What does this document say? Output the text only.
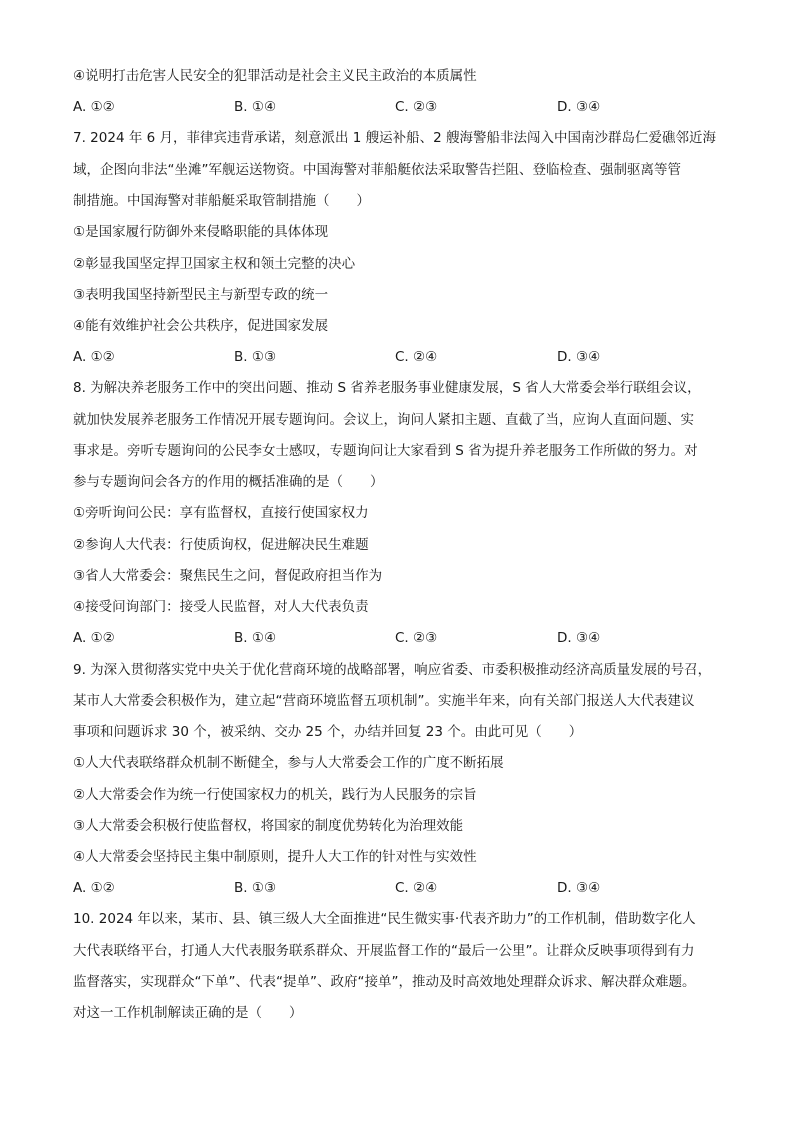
④说明打击危害人民安全的犯罪活动是社会主义民主政治的本质属性
A. ①②	B. ①④	C. ②③	D. ③④
7. 2024 年 6 月，菲律宾违背承诺，刻意派出 1 艘运补船、2 艘海警船非法闯入中国南沙群岛仁爱礁邻近海
域，企图向非法“坐滩”军舰运送物资。中国海警对菲船艇依法采取警告拦阻、登临检查、强制驱离等管
制措施。中国海警对菲船艇采取管制措施（　　）
①是国家履行防御外来侵略职能的具体体现
②彰显我国坚定捍卫国家主权和领土完整的决心
③表明我国坚持新型民主与新型专政的统一
④能有效维护社会公共秩序，促进国家发展
A. ①②	B. ①③	C. ②④	D. ③④
8. 为解决养老服务工作中的突出问题、推动 S 省养老服务事业健康发展，S 省人大常委会举行联组会议，
就加快发展养老服务工作情况开展专题询问。会议上，询问人紧扣主题、直截了当，应询人直面问题、实
事求是。旁听专题询问的公民李女士感叹，专题询问让大家看到 S 省为提升养老服务工作所做的努力。对
参与专题询问会各方的作用的概括准确的是（　　）
①旁听询问公民：享有监督权，直接行使国家权力
②参询人大代表：行使质询权，促进解决民生难题
③省人大常委会：聚焦民生之问，督促政府担当作为
④接受问询部门：接受人民监督，对人大代表负责
A. ①②	B. ①④	C. ②③	D. ③④
9. 为深入贯彻落实党中央关于优化营商环境的战略部署，响应省委、市委积极推动经济高质量发展的号召，
某市人大常委会积极作为，建立起“营商环境监督五项机制”。实施半年来，向有关部门报送人大代表建议
事项和问题诉求 30 个，被采纳、交办 25 个，办结并回复 23 个。由此可见（　　）
①人大代表联络群众机制不断健全，参与人大常委会工作的广度不断拓展
②人大常委会作为统一行使国家权力的机关，践行为人民服务的宗旨
③人大常委会积极行使监督权，将国家的制度优势转化为治理效能
④人大常委会坚持民主集中制原则，提升人大工作的针对性与实效性
A. ①②	B. ①③	C. ②④	D. ③④
10. 2024 年以来，某市、县、镇三级人大全面推进“民生微实事·代表齐助力”的工作机制，借助数字化人
大代表联络平台，打通人大代表服务联系群众、开展监督工作的“最后一公里”。让群众反映事项得到有力
监督落实，实现群众“下单”、代表“提单”、政府“接单”，推动及时高效地处理群众诉求、解决群众难题。
对这一工作机制解读正确的是（　　）
